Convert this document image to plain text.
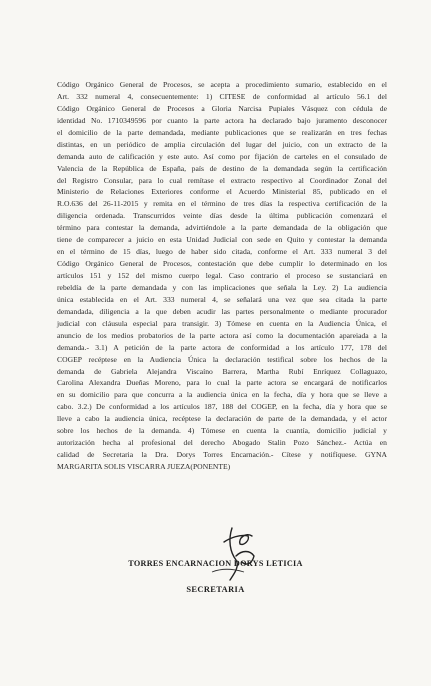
Código Orgánico General de Procesos, se acepta a procedimiento sumario, establecido en el
Art. 332 numeral 4, consecuentemente: 1) CITESE de conformidad al artículo 56.1 del
Código Orgánico General de Procesos a Gloria Narcisa Pupiales Vásquez con cédula de
identidad No. 1710349596 por cuanto la parte actora ha declarado bajo juramento desconocer
el domicilio de la parte demandada, mediante publicaciones que se realizarán en tres fechas
distintas, en un periódico de amplia circulación del lugar del juicio, con un extracto de la
demanda auto de calificación y este auto. Así como por fijación de carteles en el consulado de
Valencia de la República de España, país de destino de la demandada según la certificación
del Registro Consular, para lo cual remítase el extracto respectivo al Coordinador Zonal del
Ministerio de Relaciones Exteriores conforme el Acuerdo Ministerial 85, publicado en el
R.O.636 del 26-11-2015 y remita en el término de tres días la respectiva certificación de la
diligencia ordenada. Transcurridos veinte días desde la última publicación comenzará el
término para contestar la demanda, advirtiéndole a la parte demandada de la obligación que
tiene de comparecer a juicio en esta Unidad Judicial con sede en Quito y contestar la demanda
en el término de 15 días, luego de haber sido citada, conforme el Art. 333 numeral 3 del
Código Orgánico General de Procesos, contestación que debe cumplir lo determinado en los
artículos 151 y 152 del mismo cuerpo legal. Caso contrario el proceso se sustanciará en
rebeldía de la parte demandada y con las implicaciones que señala la Ley. 2) La audiencia
única establecida en el Art. 333 numeral 4, se señalará una vez que sea citada la parte
demandada, diligencia a la que deben acudir las partes personalmente o mediante procurador
judicial con cláusula especial para transigir. 3) Tómese en cuenta en la Audiencia Única, el
anuncio de los medios probatorios de la parte actora así como la documentación apareiada a la
demanda.- 3.1) A petición de la parte actora de conformidad a los artículo 177, 178 del
COGEP recéptese en la Audiencia Única la declaración testifical sobre los hechos de la
demanda de Gabriela Alejandra Viscaíno Barrera, Martha Rubí Enríquez Collaguazo,
Carolina Alexandra Dueñas Moreno, para lo cual la parte actora se encargará de notificarlos
en su domicilio para que concurra a la audiencia única en la fecha, día y hora que se lleve a
cabo. 3.2.) De conformidad a los artículos 187, 188 del COGEP, en la fecha, día y hora que se
lleve a cabo la audiencia única, recéptese la declaración de parte de la demandada, y el actor
sobre los hechos de la demanda. 4) Tómese en cuenta la cuantía, domicilio judicial y
autorización hecha al profesional del derecho Abogado Stalin Pozo Sánchez.- Actúa en
calidad de Secretaria la Dra. Dorys Torres Encarnación.- Cítese y notifíquese. GYNA
MARGARITA SOLIS VISCARRA JUEZA(PONENTE)
TORRES ENCARNACION DORYS LETICIA
SECRETARIA
